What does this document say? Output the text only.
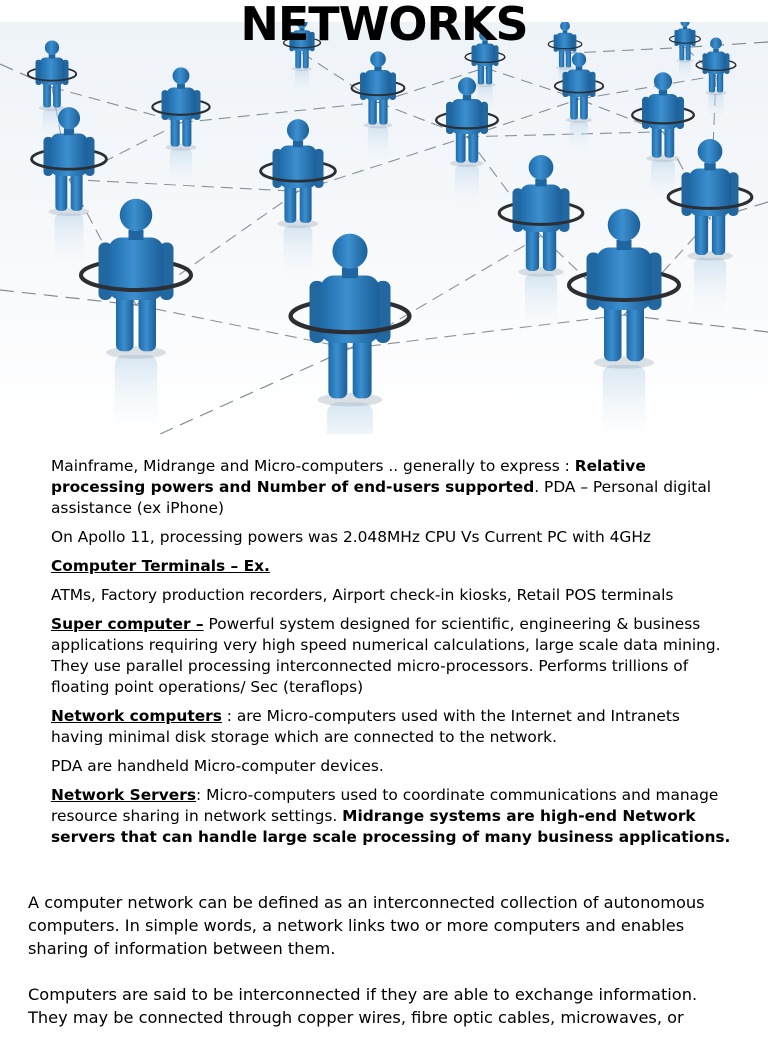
NETWORKS

Mainframe, Midrange and Micro-computers .. generally to express : Relative processing powers and Number of end-users supported. PDA – Personal digital assistance (ex iPhone)

On Apollo 11, processing powers was 2.048MHz CPU Vs Current PC with 4GHz

Computer Terminals – Ex.

ATMs, Factory production recorders, Airport check-in kiosks, Retail POS terminals

Super computer – Powerful system designed for scientific, engineering & business applications requiring very high speed numerical calculations, large scale data mining. They use parallel processing interconnected micro-processors. Performs trillions of floating point operations/ Sec (teraflops)

Network computers : are Micro-computers used with the Internet and Intranets having minimal disk storage which are connected to the network.

PDA are handheld Micro-computer devices.

Network Servers: Micro-computers used to coordinate communications and manage resource sharing in network settings. Midrange systems are high-end Network servers that can handle large scale processing of many business applications.

A computer network can be defined as an interconnected collection of autonomous computers. In simple words, a network links two or more computers and enables sharing of information between them.

Computers are said to be interconnected if they are able to exchange information. They may be connected through copper wires, fibre optic cables, microwaves, or
